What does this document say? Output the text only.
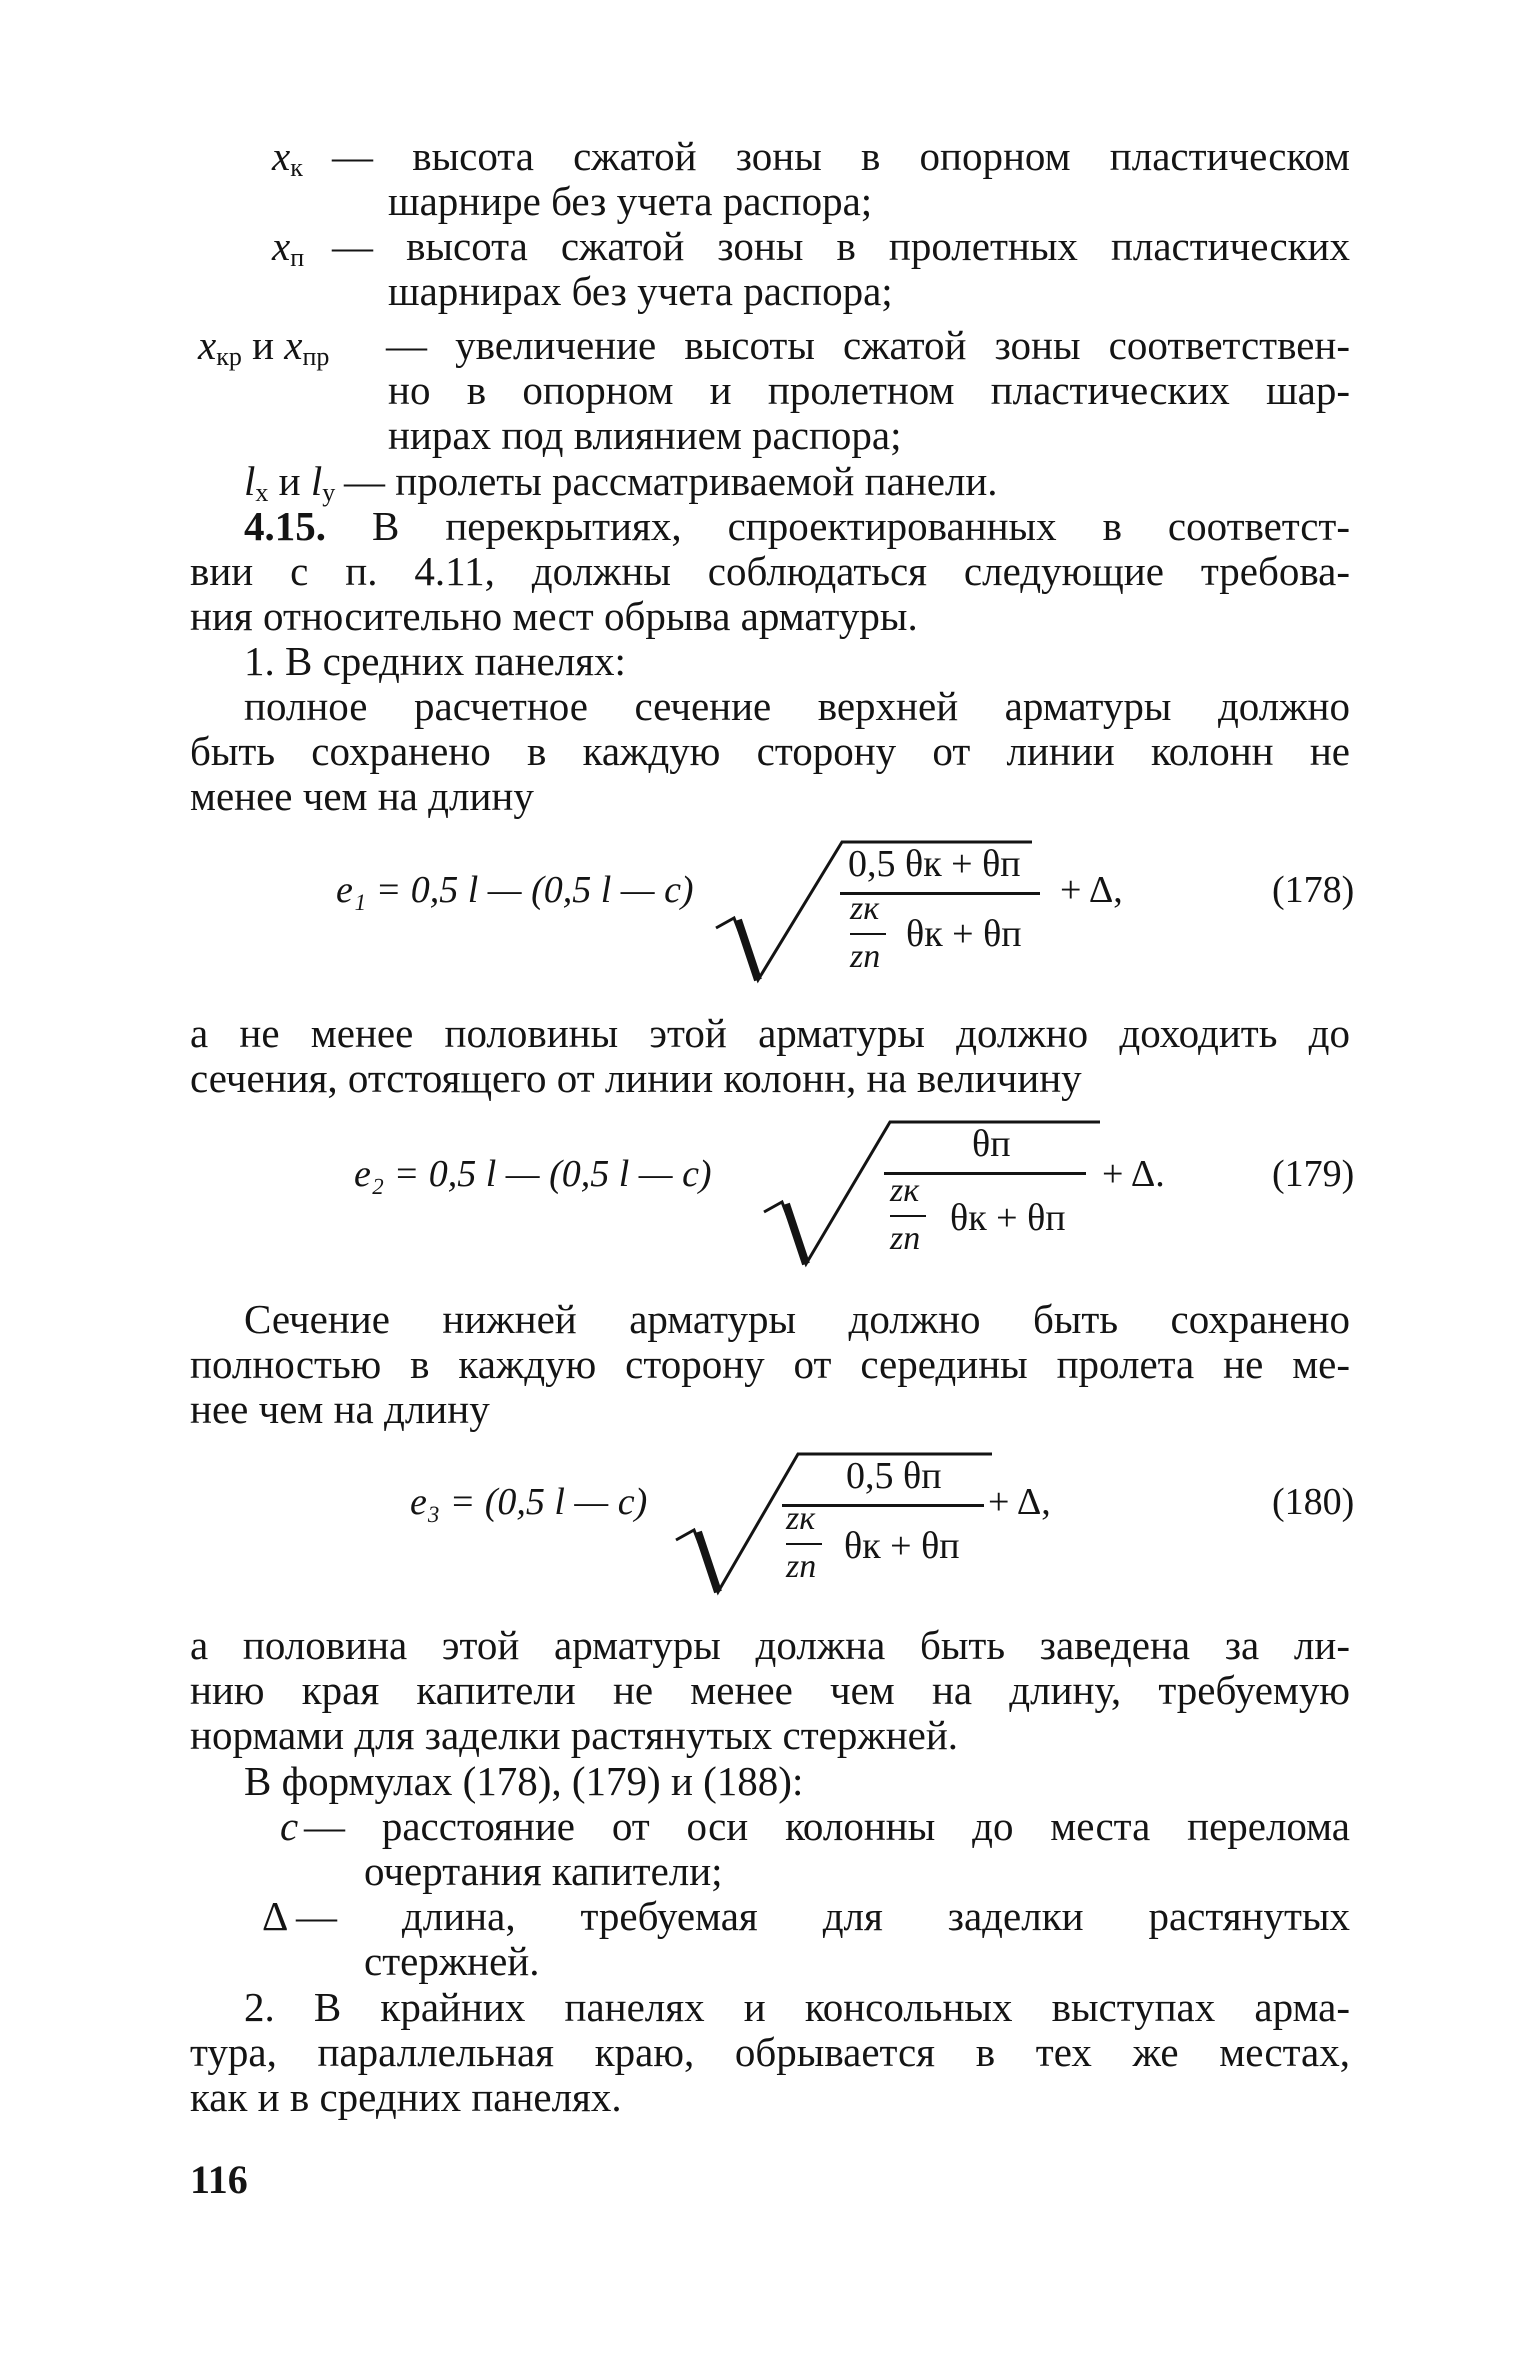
$x_к$ — высота сжатой зоны в опорном пластическом
шарнире без учета распора;
$x_п$ — высота сжатой зоны в пролетных пластических
шарнирах без учета распора;
$x_{кр}$ и $x_{пр}$ — увеличение высоты сжатой зоны соответствен-
но в опорном и пролетном пластических шар-
нирах под влиянием распора;
$l_x$ и $l_y$ — пролеты рассматриваемой панели.
4.15. В перекрытиях, спроектированных в соответст-
вии с п. 4.11, должны соблюдаться следующие требова-
ния относительно мест обрыва арматуры.
1. В средних панелях:
полное расчетное сечение верхней арматуры должно
быть сохранено в каждую сторону от линии колонн не
менее чем на длину
e₁ = 0,5 l — (0,5 l — c)
0,5 θк + θп
zк
zп
θк + θп
+ Δ,	(178)
а не менее половины этой арматуры должно доходить до
сечения, отстоящего от линии колонн, на величину
e₂ = 0,5 l — (0,5 l — c)
θп
zк
zп θк + θп
+ Δ.	(179)
Сечение нижней арматуры должно быть сохранено
полностью в каждую сторону от середины пролета не ме-
нее чем на длину
e₃ = (0,5 l — c)
0,5 θп
zк
zп θк + θп
+ Δ,	(180)
а половина этой арматуры должна быть заведена за ли-
нию края капители не менее чем на длину, требуемую
нормами для заделки растянутых стержней.
В формулах (178), (179) и (188):
c — расстояние от оси колонны до места перелома
очертания капители;
Δ — длина, требуемая для заделки растянутых
стержней.
2. В крайних панелях и консольных выступах арма-
тура, параллельная краю, обрывается в тех же местах,
как и в средних панелях.
116
